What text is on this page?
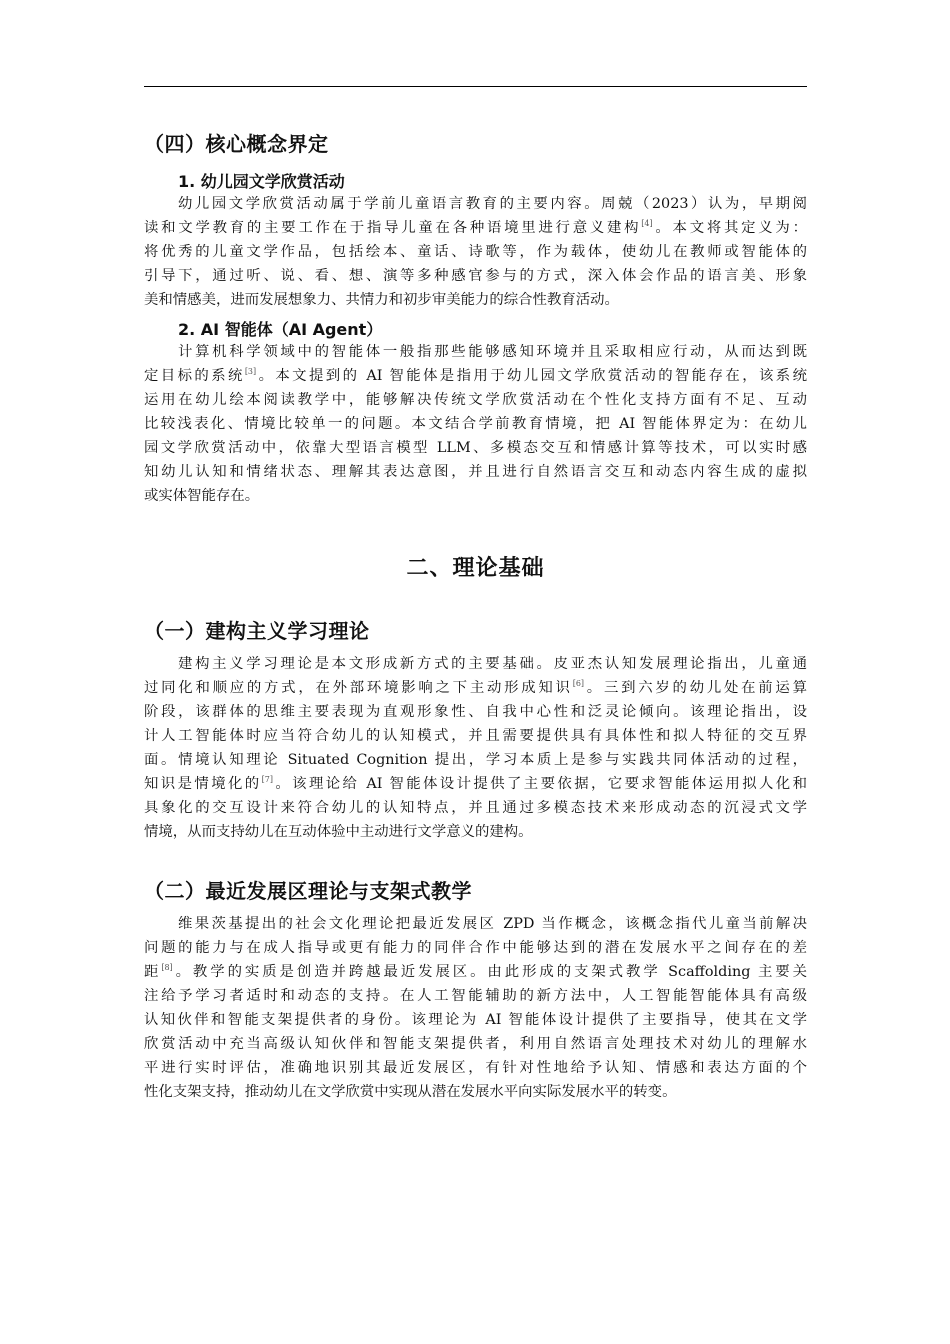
（四）核心概念界定
1. 幼儿园文学欣赏活动
幼儿园文学欣赏活动属于学前儿童语言教育的主要内容。周兢（2023）认为，早期阅
读和文学教育的主要工作在于指导儿童在各种语境里进行意义建构[4]。本文将其定义为：
将优秀的儿童文学作品，包括绘本、童话、诗歌等，作为载体，使幼儿在教师或智能体的
引导下，通过听、说、看、想、演等多种感官参与的方式，深入体会作品的语言美、形象
美和情感美，进而发展想象力、共情力和初步审美能力的综合性教育活动。
2. AI 智能体（AI Agent）
计算机科学领域中的智能体一般指那些能够感知环境并且采取相应行动，从而达到既
定目标的系统[3]。本文提到的 AI 智能体是指用于幼儿园文学欣赏活动的智能存在，该系统
运用在幼儿绘本阅读教学中，能够解决传统文学欣赏活动在个性化支持方面有不足、互动
比较浅表化、情境比较单一的问题。本文结合学前教育情境，把 AI 智能体界定为：在幼儿
园文学欣赏活动中，依靠大型语言模型 LLM、多模态交互和情感计算等技术，可以实时感
知幼儿认知和情绪状态、理解其表达意图，并且进行自然语言交互和动态内容生成的虚拟
或实体智能存在。
二、理论基础
（一）建构主义学习理论
建构主义学习理论是本文形成新方式的主要基础。皮亚杰认知发展理论指出，儿童通
过同化和顺应的方式，在外部环境影响之下主动形成知识[6]。三到六岁的幼儿处在前运算
阶段，该群体的思维主要表现为直观形象性、自我中心性和泛灵论倾向。该理论指出，设
计人工智能体时应当符合幼儿的认知模式，并且需要提供具有具体性和拟人特征的交互界
面。情境认知理论 Situated Cognition 提出，学习本质上是参与实践共同体活动的过程，
知识是情境化的[7]。该理论给 AI 智能体设计提供了主要依据，它要求智能体运用拟人化和
具象化的交互设计来符合幼儿的认知特点，并且通过多模态技术来形成动态的沉浸式文学
情境，从而支持幼儿在互动体验中主动进行文学意义的建构。
（二）最近发展区理论与支架式教学
维果茨基提出的社会文化理论把最近发展区 ZPD 当作概念，该概念指代儿童当前解决
问题的能力与在成人指导或更有能力的同伴合作中能够达到的潜在发展水平之间存在的差
距[8]。教学的实质是创造并跨越最近发展区。由此形成的支架式教学 Scaffolding 主要关
注给予学习者适时和动态的支持。在人工智能辅助的新方法中，人工智能智能体具有高级
认知伙伴和智能支架提供者的身份。该理论为 AI 智能体设计提供了主要指导，使其在文学
欣赏活动中充当高级认知伙伴和智能支架提供者，利用自然语言处理技术对幼儿的理解水
平进行实时评估，准确地识别其最近发展区，有针对性地给予认知、情感和表达方面的个
性化支架支持，推动幼儿在文学欣赏中实现从潜在发展水平向实际发展水平的转变。
